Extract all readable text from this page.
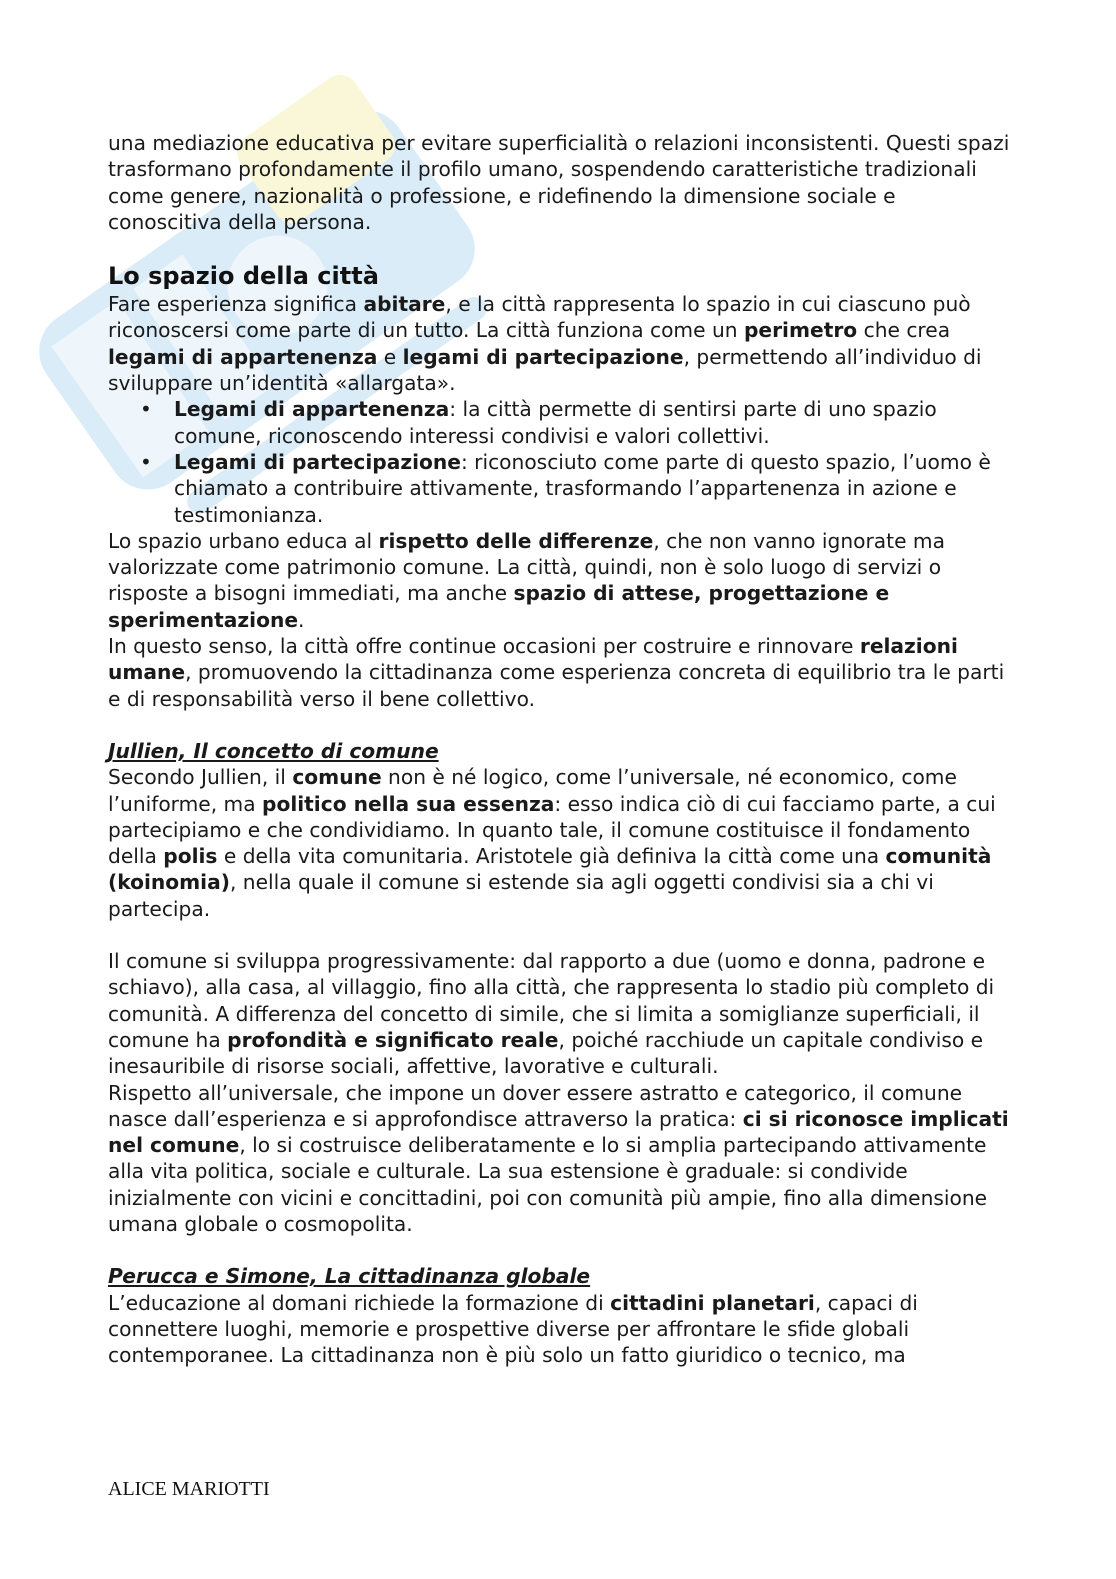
una mediazione educativa per evitare superficialità o relazioni inconsistenti. Questi spazi trasformano profondamente il profilo umano, sospendendo caratteristiche tradizionali come genere, nazionalità o professione, e ridefinendo la dimensione sociale e conoscitiva della persona.

Lo spazio della città

Fare esperienza significa abitare, e la città rappresenta lo spazio in cui ciascuno può riconoscersi come parte di un tutto. La città funziona come un perimetro che crea legami di appartenenza e legami di partecipazione, permettendo all’individuo di sviluppare un’identità «allargata».

• Legami di appartenenza: la città permette di sentirsi parte di uno spazio comune, riconoscendo interessi condivisi e valori collettivi.
• Legami di partecipazione: riconosciuto come parte di questo spazio, l’uomo è chiamato a contribuire attivamente, trasformando l’appartenenza in azione e testimonianza.

Lo spazio urbano educa al rispetto delle differenze, che non vanno ignorate ma valorizzate come patrimonio comune. La città, quindi, non è solo luogo di servizi o risposte a bisogni immediati, ma anche spazio di attese, progettazione e sperimentazione.

In questo senso, la città offre continue occasioni per costruire e rinnovare relazioni umane, promuovendo la cittadinanza come esperienza concreta di equilibrio tra le parti e di responsabilità verso il bene collettivo.

Jullien, Il concetto di comune

Secondo Jullien, il comune non è né logico, come l’universale, né economico, come l’uniforme, ma politico nella sua essenza: esso indica ciò di cui facciamo parte, a cui partecipiamo e che condividiamo. In quanto tale, il comune costituisce il fondamento della polis e della vita comunitaria. Aristotele già definiva la città come una comunità (koinomia), nella quale il comune si estende sia agli oggetti condivisi sia a chi vi partecipa.

Il comune si sviluppa progressivamente: dal rapporto a due (uomo e donna, padrone e schiavo), alla casa, al villaggio, fino alla città, che rappresenta lo stadio più completo di comunità. A differenza del concetto di simile, che si limita a somiglianze superficiali, il comune ha profondità e significato reale, poiché racchiude un capitale condiviso e inesauribile di risorse sociali, affettive, lavorative e culturali.

Rispetto all’universale, che impone un dover essere astratto e categorico, il comune nasce dall’esperienza e si approfondisce attraverso la pratica: ci si riconosce implicati nel comune, lo si costruisce deliberatamente e lo si amplia partecipando attivamente alla vita politica, sociale e culturale. La sua estensione è graduale: si condivide inizialmente con vicini e concittadini, poi con comunità più ampie, fino alla dimensione umana globale o cosmopolita.

Perucca e Simone, La cittadinanza globale

L’educazione al domani richiede la formazione di cittadini planetari, capaci di connettere luoghi, memorie e prospettive diverse per affrontare le sfide globali contemporanee. La cittadinanza non è più solo un fatto giuridico o tecnico, ma

ALICE MARIOTTI
